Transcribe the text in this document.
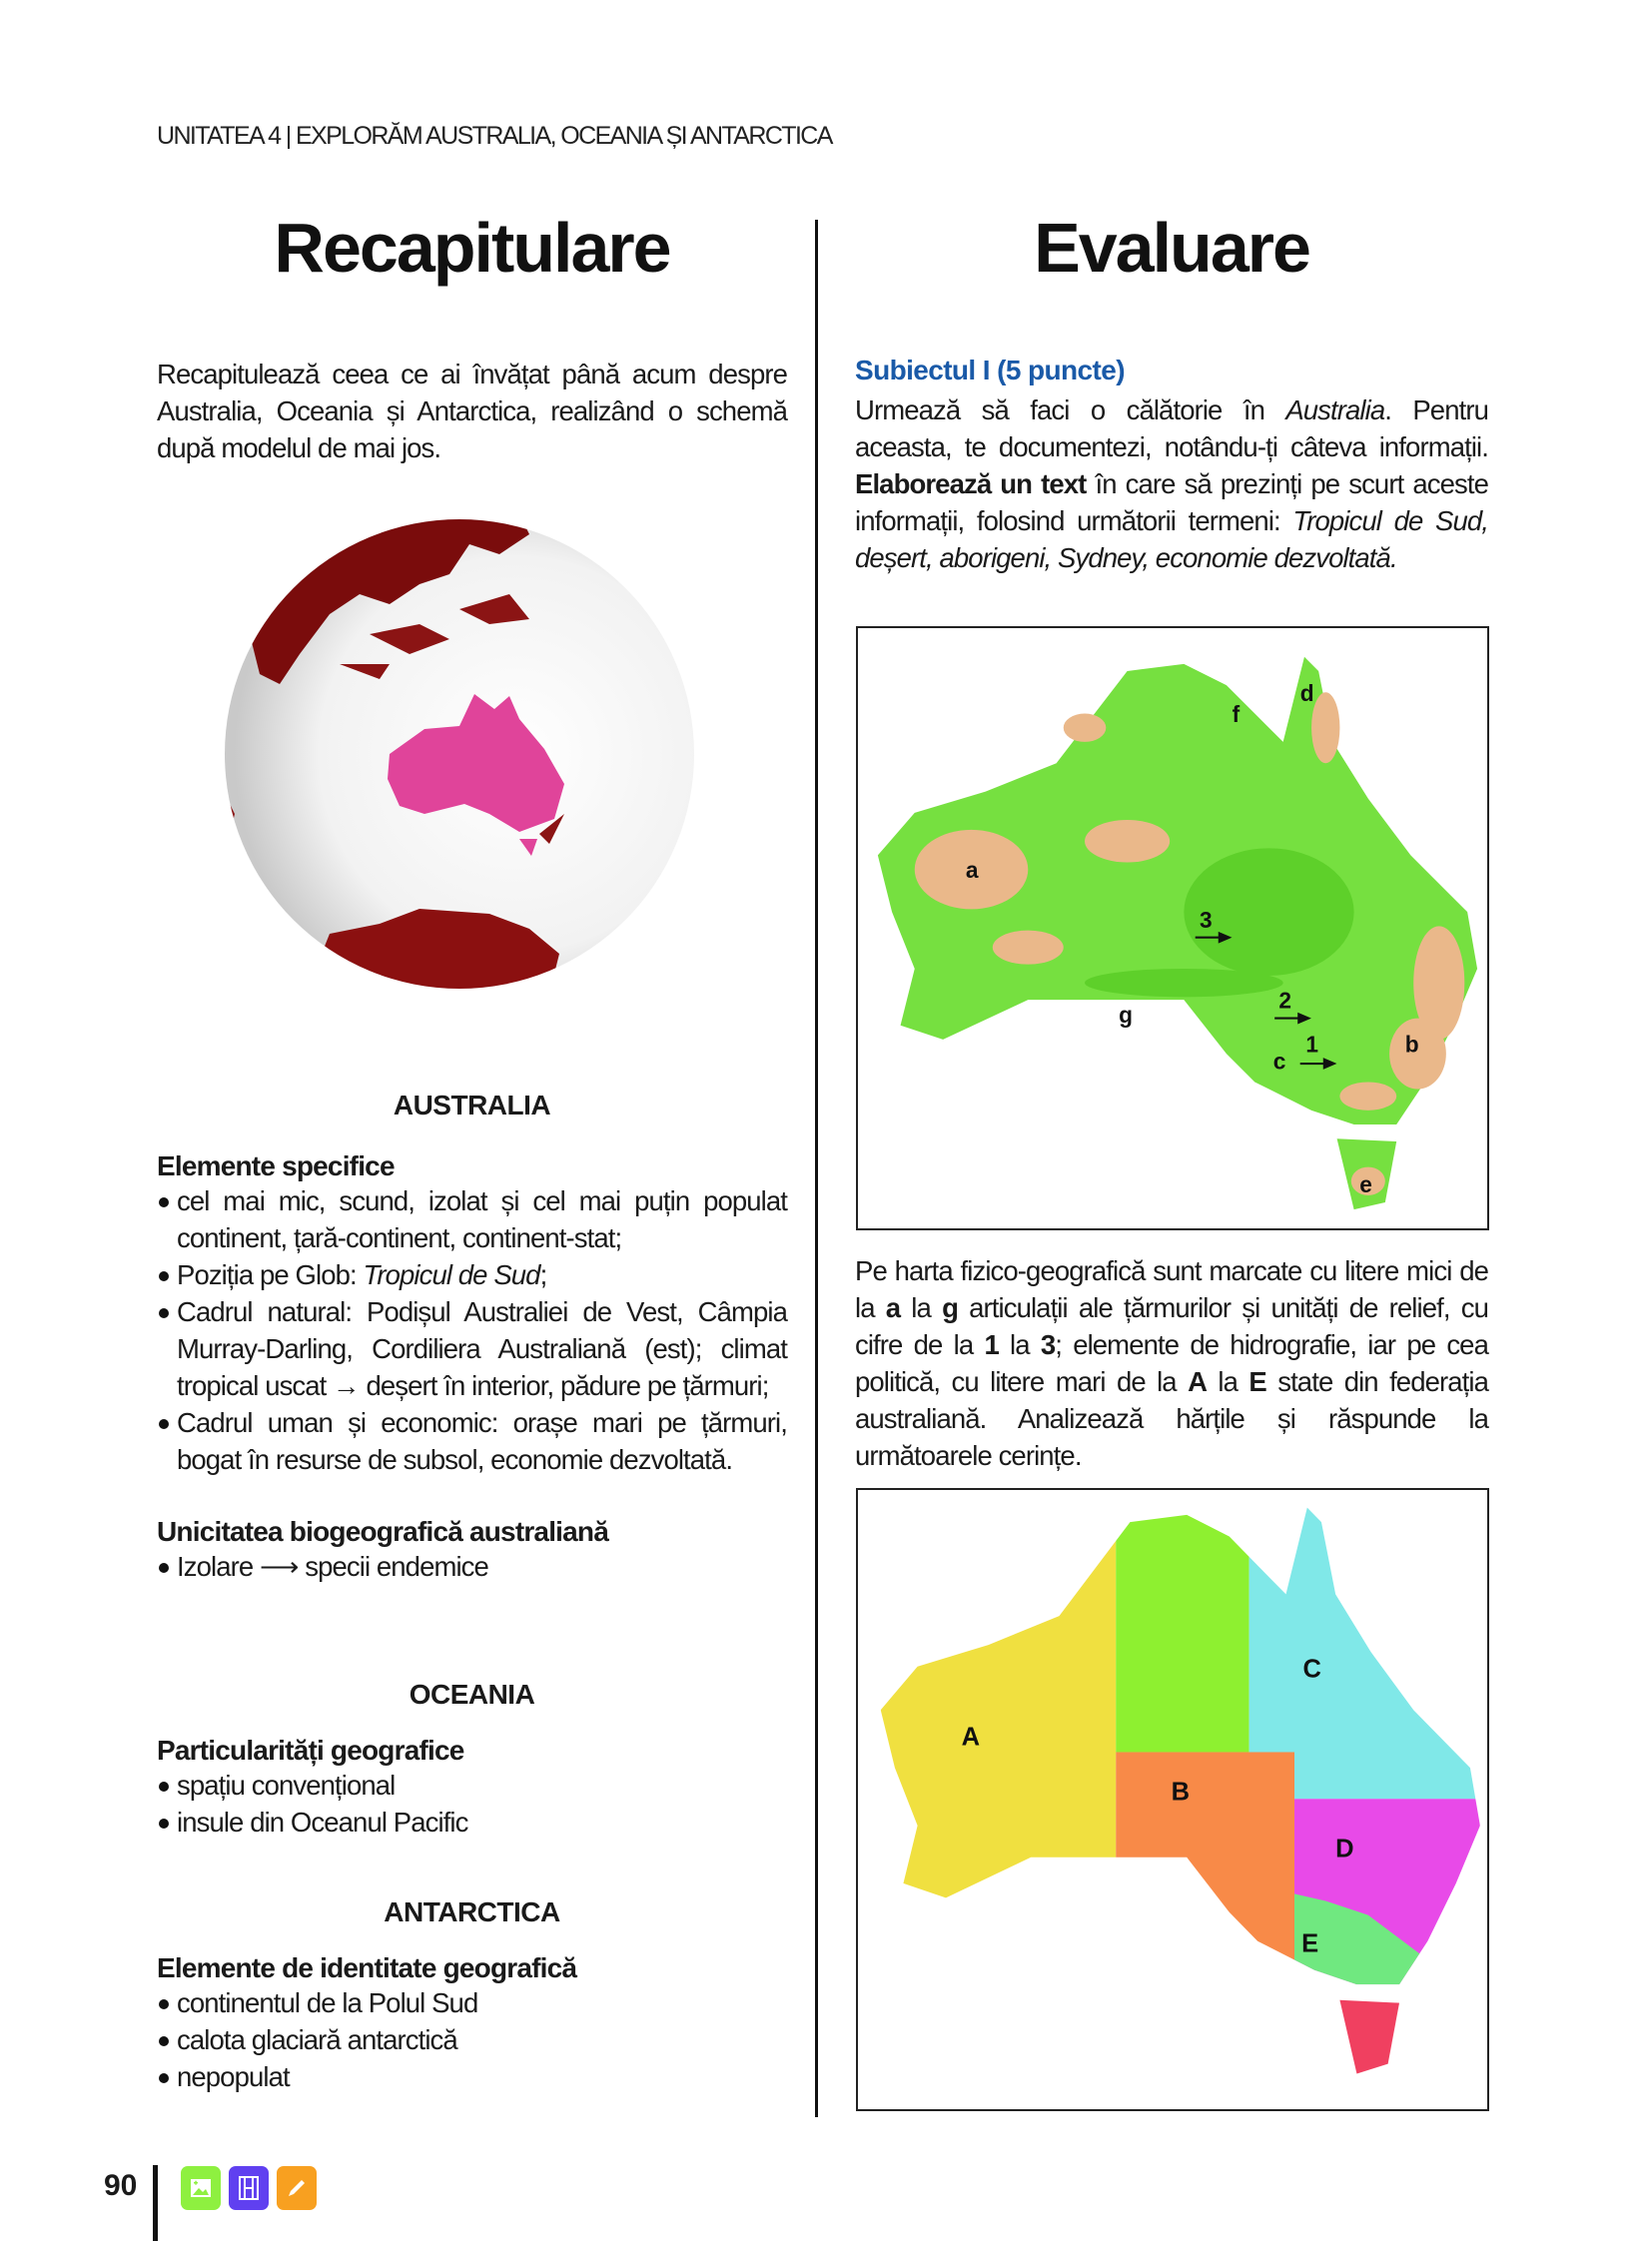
UNITATEA 4 | EXPLORĂM AUSTRALIA, OCEANIA ȘI ANTARCTICA
Recapitulare	Evaluare
Recapitulează ceea ce ai învățat până acum despre Australia, Oceania și Antarctica, realizând o schemă după modelul de mai jos.
AUSTRALIA
Elemente specifice
cel mai mic, scund, izolat și cel mai puțin populat continent, țară-continent, continent-stat;
Poziția pe Glob: Tropicul de Sud;
Cadrul natural: Podișul Australiei de Vest, Câmpia Murray-Darling, Cordiliera Australiană (est); climat tropical uscat → deșert în interior, pădure pe țărmuri;
Cadrul uman și economic: orașe mari pe țărmuri, bogat în resurse de subsol, economie dezvoltată.
Unicitatea biogeografică australiană
Izolare ⟶ specii endemice
OCEANIA
Particularități geografice
spațiu convențional
insule din Oceanul Pacific
ANTARCTICA
Elemente de identitate geografică
continentul de la Polul Sud
calota glaciară antarctică
nepopulat
Subiectul I (5 puncte)
Urmează să faci o călătorie în Australia. Pentru aceasta, te documentezi, notându-ți câteva informații. Elaborează un text în care să prezinți pe scurt aceste informații, folosind următorii termeni: Tropicul de Sud, deșert, aborigeni, Sydney, economie dezvoltată.
a
f
d
3
2
c
1	b
g
e
Pe harta fizico-geografică sunt marcate cu litere mici de la a la g articulații ale țărmurilor și unități de relief, cu cifre de la 1 la 3; elemente de hidrografie, iar pe cea politică, cu litere mari de la A la E state din federația australiană. Analizează hărțile și răspunde la următoarele cerințe.
A
B
C
D
E
90
